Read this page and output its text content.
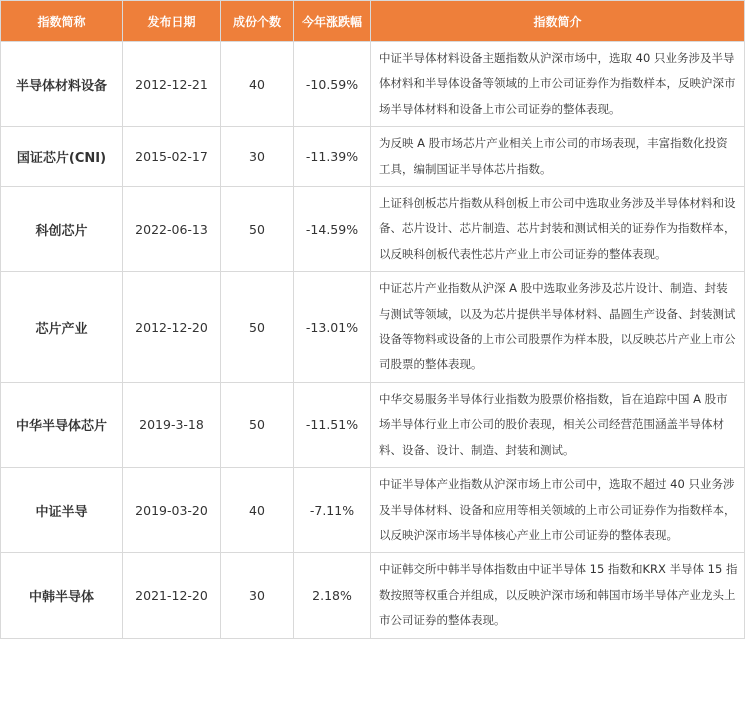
指数简称	发布日期	成份个数	今年涨跌幅	指数简介
半导体材料设备	2012-12-21	40	-10.59%	中证半导体材料设备主题指数从沪深市场中，选取 40 只业务涉及半导体材料和半导体设备等领域的上市公司证券作为指数样本，反映沪深市场半导体材料和设备上市公司证券的整体表现。
国证芯片(CNI)	2015-02-17	30	-11.39%	为反映 A 股市场芯片产业相关上市公司的市场表现，丰富指数化投资工具，编制国证半导体芯片指数。
科创芯片	2022-06-13	50	-14.59%	上证科创板芯片指数从科创板上市公司中选取业务涉及半导体材料和设备、芯片设计、芯片制造、芯片封装和测试相关的证券作为指数样本，以反映科创板代表性芯片产业上市公司证券的整体表现。
芯片产业	2012-12-20	50	-13.01%	中证芯片产业指数从沪深 A 股中选取业务涉及芯片设计、制造、封装与测试等领域，以及为芯片提供半导体材料、晶圆生产设备、封装测试设备等物料或设备的上市公司股票作为样本股，以反映芯片产业上市公司股票的整体表现。
中华半导体芯片	2019-3-18	50	-11.51%	中华交易服务半导体行业指数为股票价格指数，旨在追踪中国 A 股市场半导体行业上市公司的股价表现，相关公司经营范围涵盖半导体材料、设备、设计、制造、封装和测试。
中证半导	2019-03-20	40	-7.11%	中证半导体产业指数从沪深市场上市公司中，选取不超过 40 只业务涉及半导体材料、设备和应用等相关领域的上市公司证券作为指数样本，以反映沪深市场半导体核心产业上市公司证券的整体表现。
中韩半导体	2021-12-20	30	2.18%	中证韩交所中韩半导体指数由中证半导体 15 指数和KRX 半导体 15 指数按照等权重合并组成，以反映沪深市场和韩国市场半导体产业龙头上市公司证券的整体表现。
